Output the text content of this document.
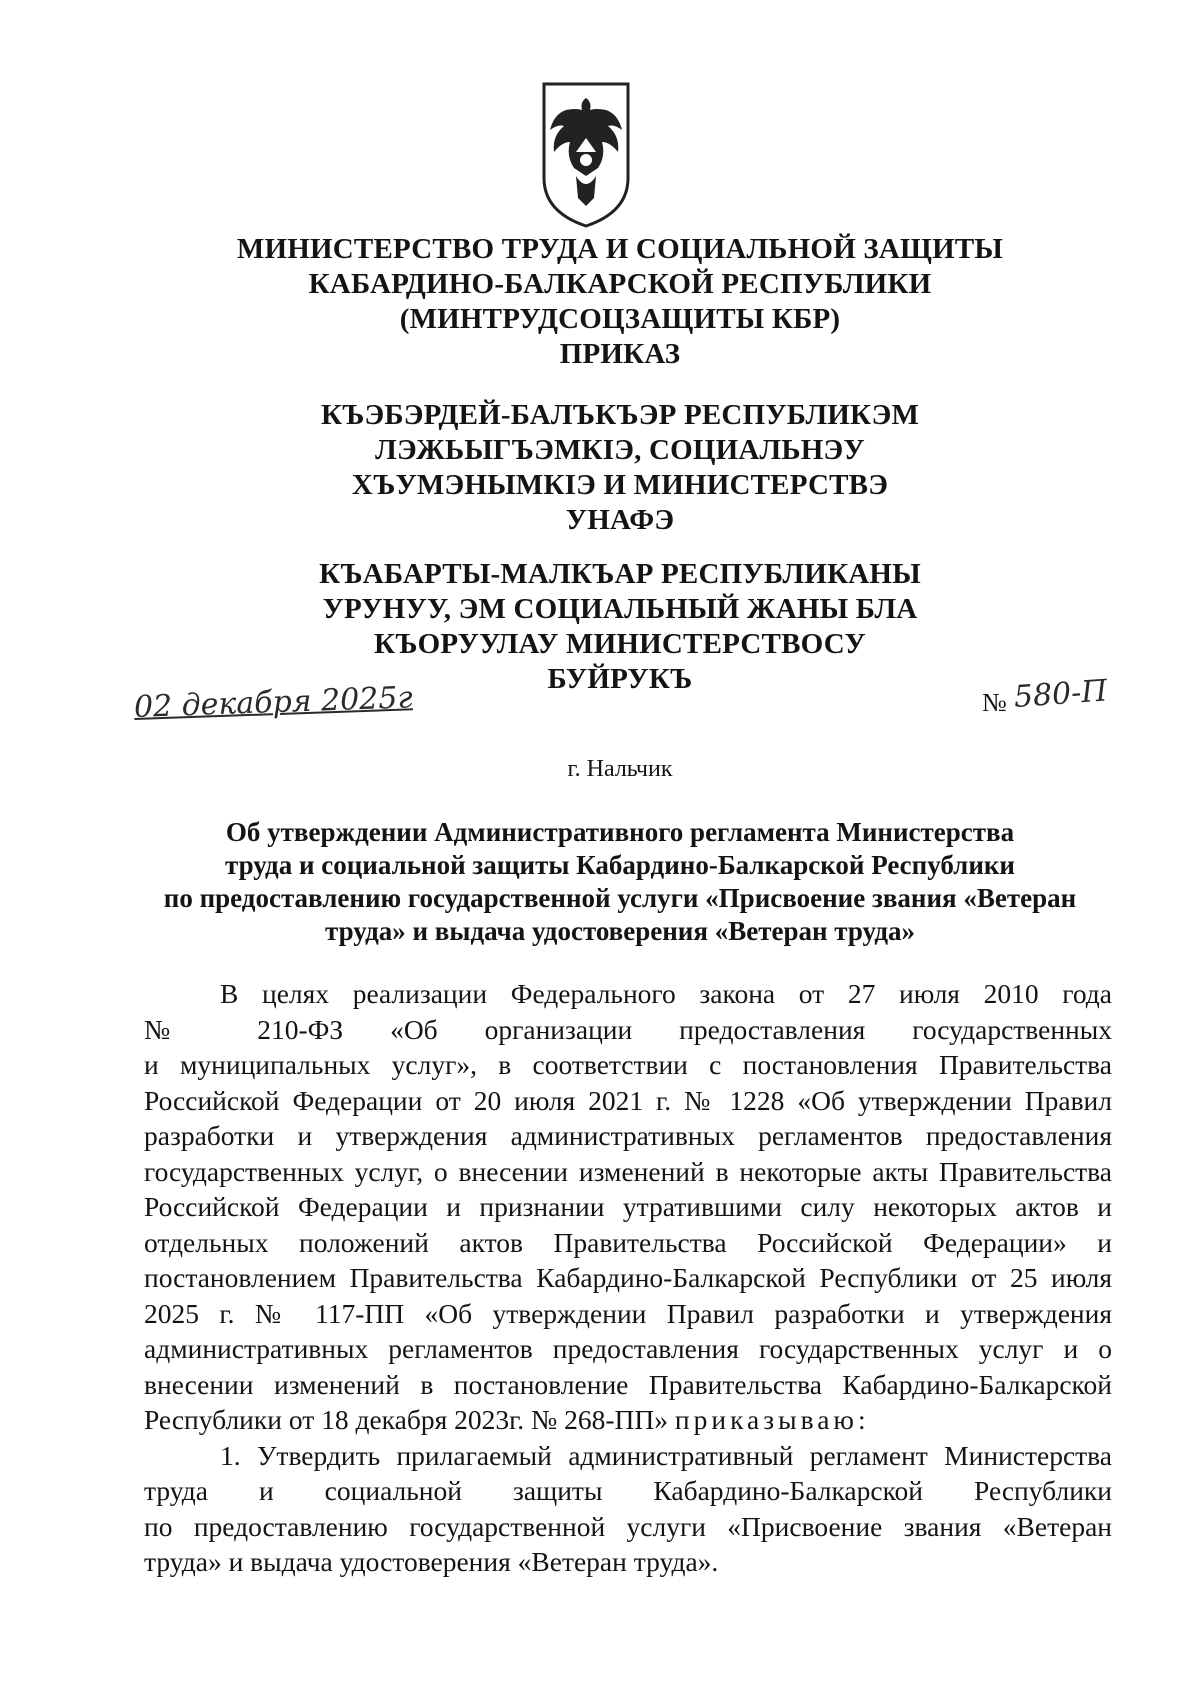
МИНИСТЕРСТВО ТРУДА И СОЦИАЛЬНОЙ ЗАЩИТЫ
КАБАРДИНО-БАЛКАРСКОЙ РЕСПУБЛИКИ
(МИНТРУДСОЦЗАЩИТЫ КБР)
ПРИКАЗ
КЪЭБЭРДЕЙ-БАЛЪКЪЭР РЕСПУБЛИКЭМ
ЛЭЖЬЫГЪЭМКIЭ, СОЦИАЛЬНЭУ
ХЪУМЭНЫМКIЭ И МИНИСТЕРСТВЭ
УНАФЭ
КЪАБАРТЫ-МАЛКЪАР РЕСПУБЛИКАНЫ
УРУНУУ, ЭМ СОЦИАЛЬНЫЙ ЖАНЫ БЛА
КЪОРУУЛАУ МИНИСТЕРСТВОСУ
БУЙРУКЪ
02 декабря 2025г	№ 580-П
г. Нальчик
Об утверждении Административного регламента Министерства
труда и социальной защиты Кабардино-Балкарской Республики
по предоставлению государственной услуги «Присвоение звания «Ветеран
труда» и выдача удостоверения «Ветеран труда»
В целях реализации Федерального закона от 27 июля 2010 года
№ 210-ФЗ «Об организации предоставления государственных
и муниципальных услуг», в соответствии с постановления Правительства
Российской Федерации от 20 июля 2021 г. № 1228 «Об утверждении Правил
разработки и утверждения административных регламентов предоставления
государственных услуг, о внесении изменений в некоторые акты Правительства
Российской Федерации и признании утратившими силу некоторых актов и
отдельных положений актов Правительства Российской Федерации» и
постановлением Правительства Кабардино-Балкарской Республики от 25 июля
2025 г. № 117-ПП «Об утверждении Правил разработки и утверждения
административных регламентов предоставления государственных услуг и о
внесении изменений в постановление Правительства Кабардино-Балкарской
Республики от 18 декабря 2023г. № 268-ПП» приказываю:
1. Утвердить прилагаемый административный регламент Министерства
труда и социальной защиты Кабардино-Балкарской Республики
по предоставлению государственной услуги «Присвоение звания «Ветеран
труда» и выдача удостоверения «Ветеран труда».
